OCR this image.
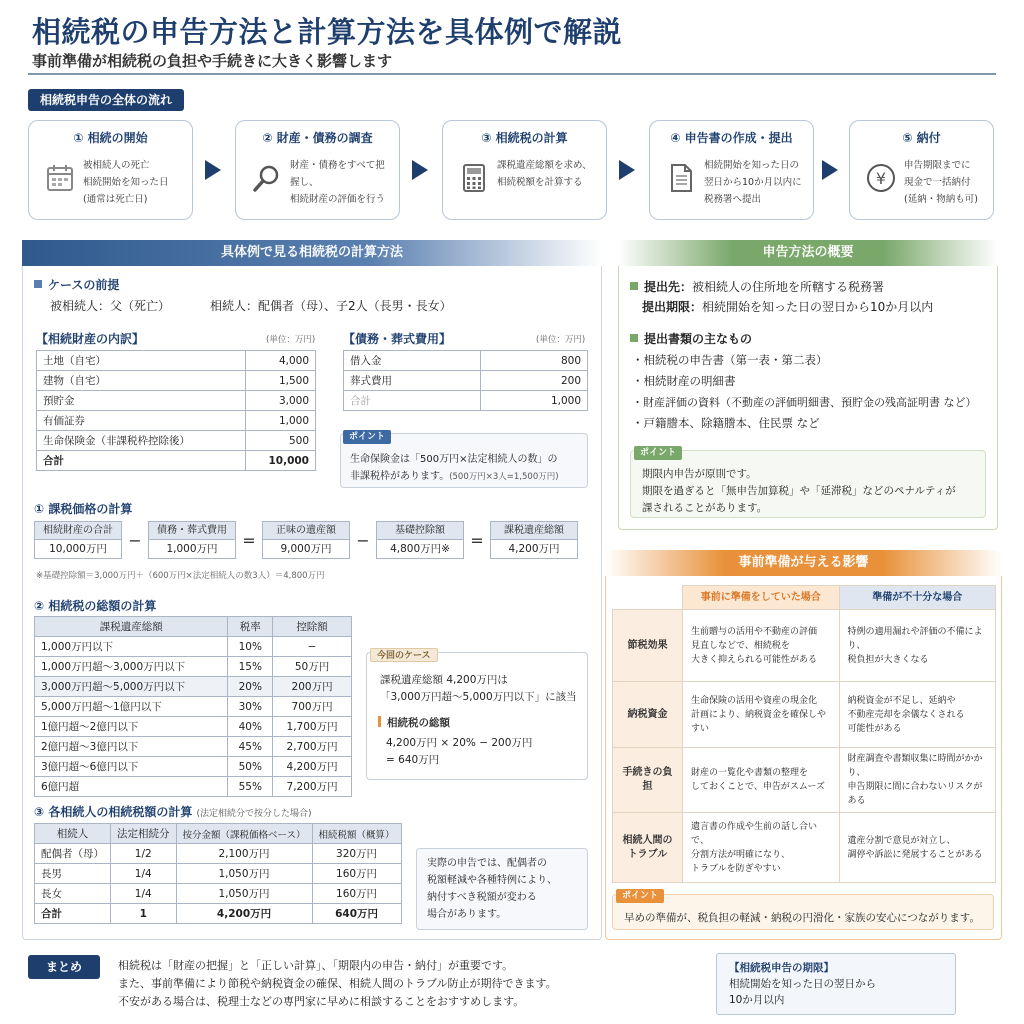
相続税の申告方法と計算方法を具体例で解説
事前準備が相続税の負担や手続きに大きく影響します
相続税申告の全体の流れ
① 相続の開始
被相続人の死亡
相続開始を知った日
(通常は死亡日)
② 財産・債務の調査
財産・債務をすべて把握し、
相続財産の評価を行う
③ 相続税の計算
課税遺産総額を求め、
相続税額を計算する
④ 申告書の作成・提出
相続開始を知った日の
翌日から10か月以内に
税務署へ提出
⑤ 納付
¥
申告期限までに
現金で一括納付
(延納・物納も可)
具体例で見る相続税の計算方法
ケースの前提
被相続人：父（死亡）	相続人：配偶者（母）、子2人（長男・長女）
【相続財産の内訳】	(単位：万円)
土地（自宅）	4,000
建物（自宅）	1,500
預貯金	3,000
有価証券	1,000
生命保険金（非課税枠控除後）	500
合計	10,000
【債務・葬式費用】	(単位：万円)
借入金	800
葬式費用	200
合計	1,000
ポイント
生命保険金は「500万円×法定相続人の数」の
非課税枠があります。(500万円×3人=1,500万円)
① 課税価格の計算
相続財産の合計
10,000万円	−	債務・葬式費用
1,000万円	=	正味の遺産額
9,000万円	−	基礎控除額
4,800万円※	=	課税遺産総額
4,200万円
※基礎控除額＝3,000万円＋（600万円×法定相続人の数3人）＝4,800万円
② 相続税の総額の計算
課税遺産総額	税率	控除額
1,000万円以下	10%	−
1,000万円超～3,000万円以下	15%	50万円
3,000万円超～5,000万円以下	20%	200万円
5,000万円超～1億円以下	30%	700万円
1億円超～2億円以下	40%	1,700万円
2億円超～3億円以下	45%	2,700万円
3億円超～6億円以下	50%	4,200万円
6億円超	55%	7,200万円
今回のケース
課税遺産総額 4,200万円は
「3,000万円超～5,000万円以下」に該当
相続税の総額
4,200万円 × 20% − 200万円
= 640万円
③ 各相続人の相続税額の計算 (法定相続分で按分した場合)
相続人	法定相続分	按分金額（課税価格ベース）	相続税額（概算）
配偶者（母）	1/2	2,100万円	320万円
長男	1/4	1,050万円	160万円
長女	1/4	1,050万円	160万円
合計	1	4,200万円	640万円
実際の申告では、配偶者の
税額軽減や各種特例により、
納付すべき税額が変わる
場合があります。
申告方法の概要
提出先：被相続人の住所地を所轄する税務署
提出期限：相続開始を知った日の翌日から10か月以内
提出書類の主なもの
・相続税の申告書（第一表・第二表）
・相続財産の明細書
・財産評価の資料（不動産の評価明細書、預貯金の残高証明書 など）
・戸籍謄本、除籍謄本、住民票 など
ポイント
期限内申告が原則です。
期限を過ぎると「無申告加算税」や「延滞税」などのペナルティが
課されることがあります。
事前準備が与える影響
	事前に準備をしていた場合	準備が不十分な場合
節税効果	生前贈与の活用や不動産の評価
見直しなどで、相続税を
大きく抑えられる可能性がある	特例の適用漏れや評価の不備により、
税負担が大きくなる
納税資金	生命保険の活用や資産の現金化
計画により、納税資金を確保しやすい	納税資金が不足し、延納や
不動産売却を余儀なくされる
可能性がある
手続きの負担	財産の一覧化や書類の整理を
しておくことで、申告がスムーズ	財産調査や書類収集に時間がかかり、
申告期限に間に合わないリスクがある
相続人間の
トラブル	遺言書の作成や生前の話し合いで、
分割方法が明確になり、
トラブルを防ぎやすい	遺産分割で意見が対立し、
調停や訴訟に発展することがある
ポイント
早めの準備が、税負担の軽減・納税の円滑化・家族の安心につながります。
まとめ	相続税は「財産の把握」と「正しい計算」、「期限内の申告・納付」が重要です。
また、事前準備により節税や納税資金の確保、相続人間のトラブル防止が期待できます。
不安がある場合は、税理士などの専門家に早めに相談することをおすすめします。
【相続税申告の期限】
相続開始を知った日の翌日から
10か月以内
